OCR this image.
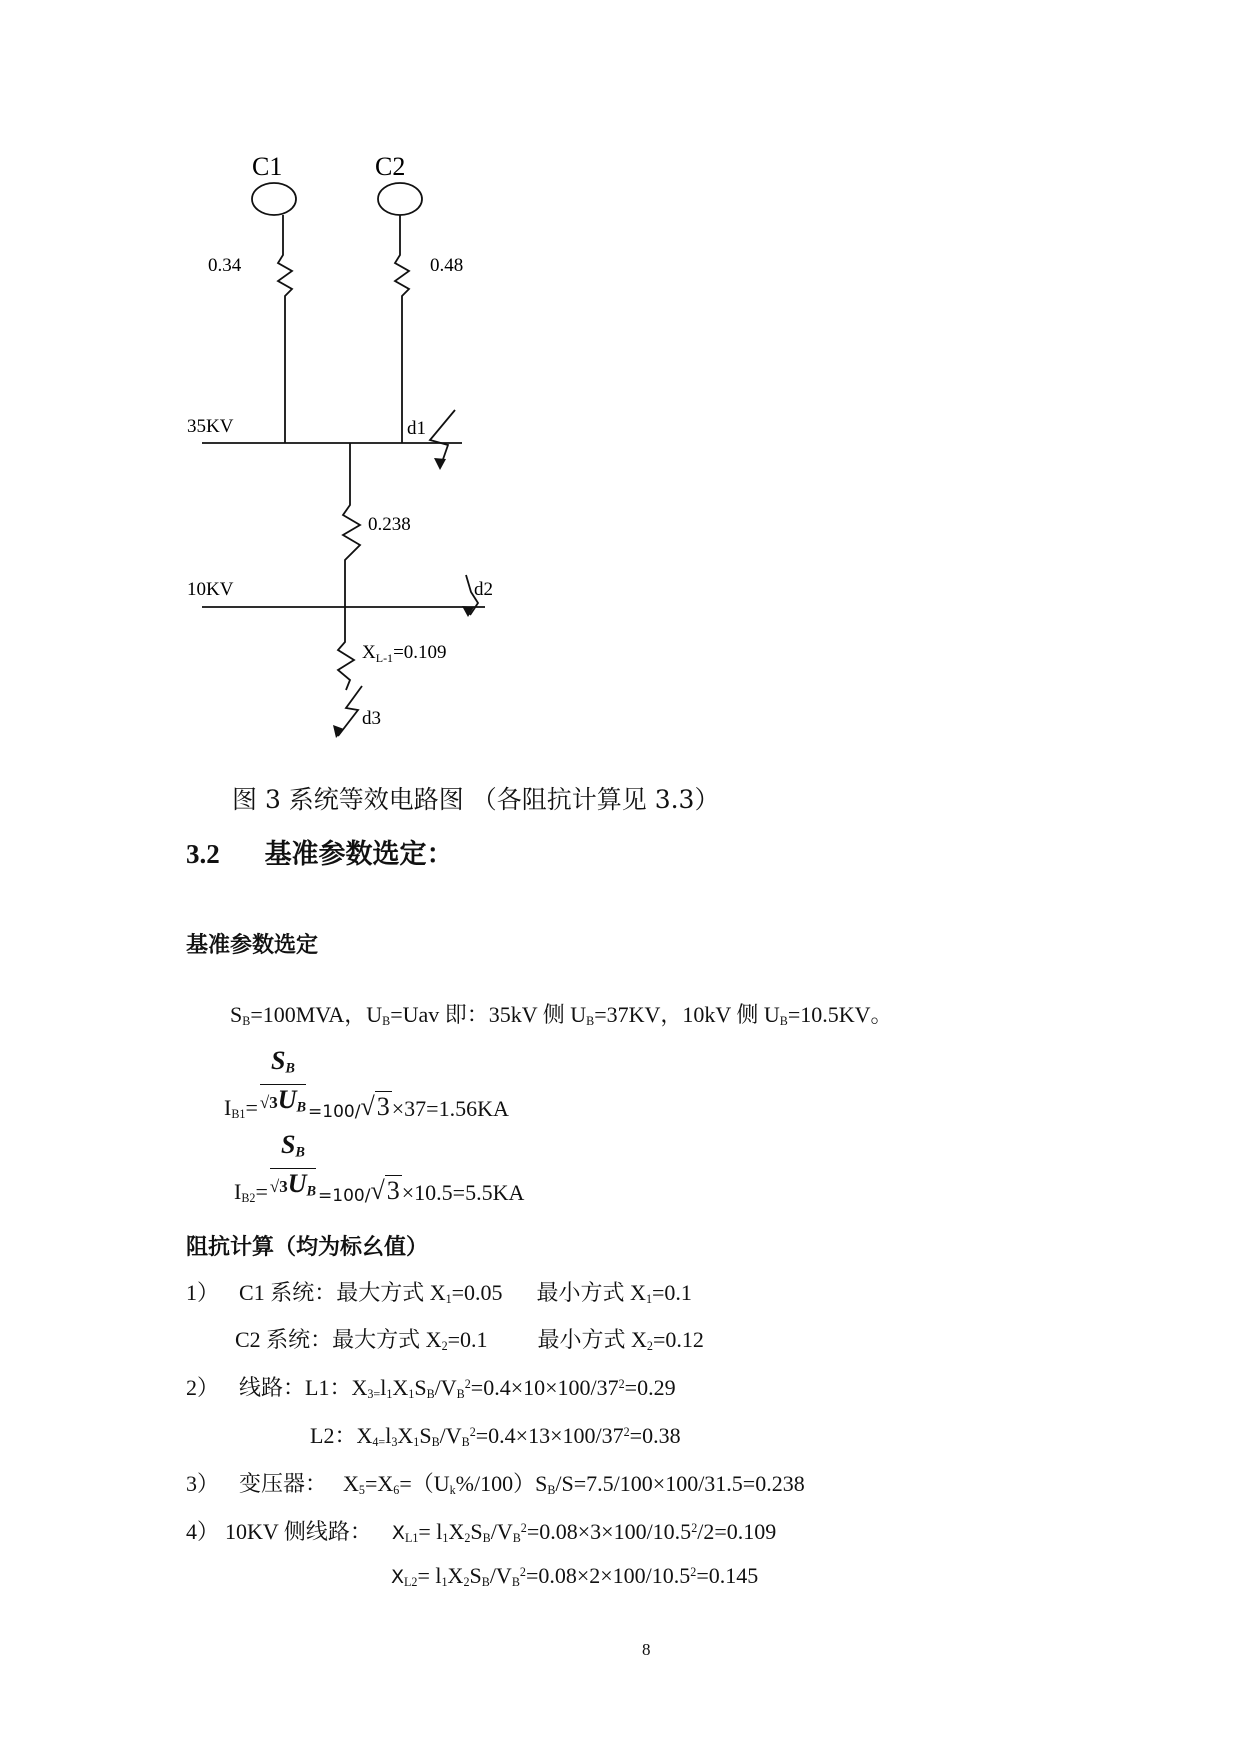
C1	C2
0.34	0.48
35KV	d1
0.238
10KV	d2
$X_{L-1}=0.109$
d3
图 3 系统等效电路图 （各阻抗计算见 3.3）
3.2 基准参数选定：
基准参数选定
$S_B=100MVA$，$U_B=Uav$ 即：35kV 侧 $U_B=37KV$，10kV 侧 $U_B=10.5KV$。
$I_{B1}= \frac{S_B}{√3U_B} =100/√3\times 37=1.56KA$
$I_{B2}= \frac{S_B}{√3U_B} =100/√3\times 10.5=5.5KA$
阻抗计算（均为标幺值）
1） C1 系统：最大方式 $X_1=0.05$ 最小方式 $X_1=0.1$
C2 系统：最大方式 $X_2=0.1$ 最小方式 $X_2=0.12$
2） 线路：L1：$X_{3=}l_1X_1S_B/V_B^2=0.4\times 10\times 100/37^2=0.29$
L2：$X_{4=}l_3X_1S_B/V_B^2=0.4\times 13\times 100/37^2=0.38$
3） 变压器： $X_5=X_6=(U_k\%/100)S_B/S=7.5/100\times 100/31.5=0.238$
4） 10KV 侧线路： $X_{L1}= l_1X_2S_B/V_B^2=0.08\times 3\times 100/10.5^2/2=0.109$
$X_{L2}= l_1X_2S_B/V_B^2=0.08\times 2\times 100/10.5^2=0.145$
8
